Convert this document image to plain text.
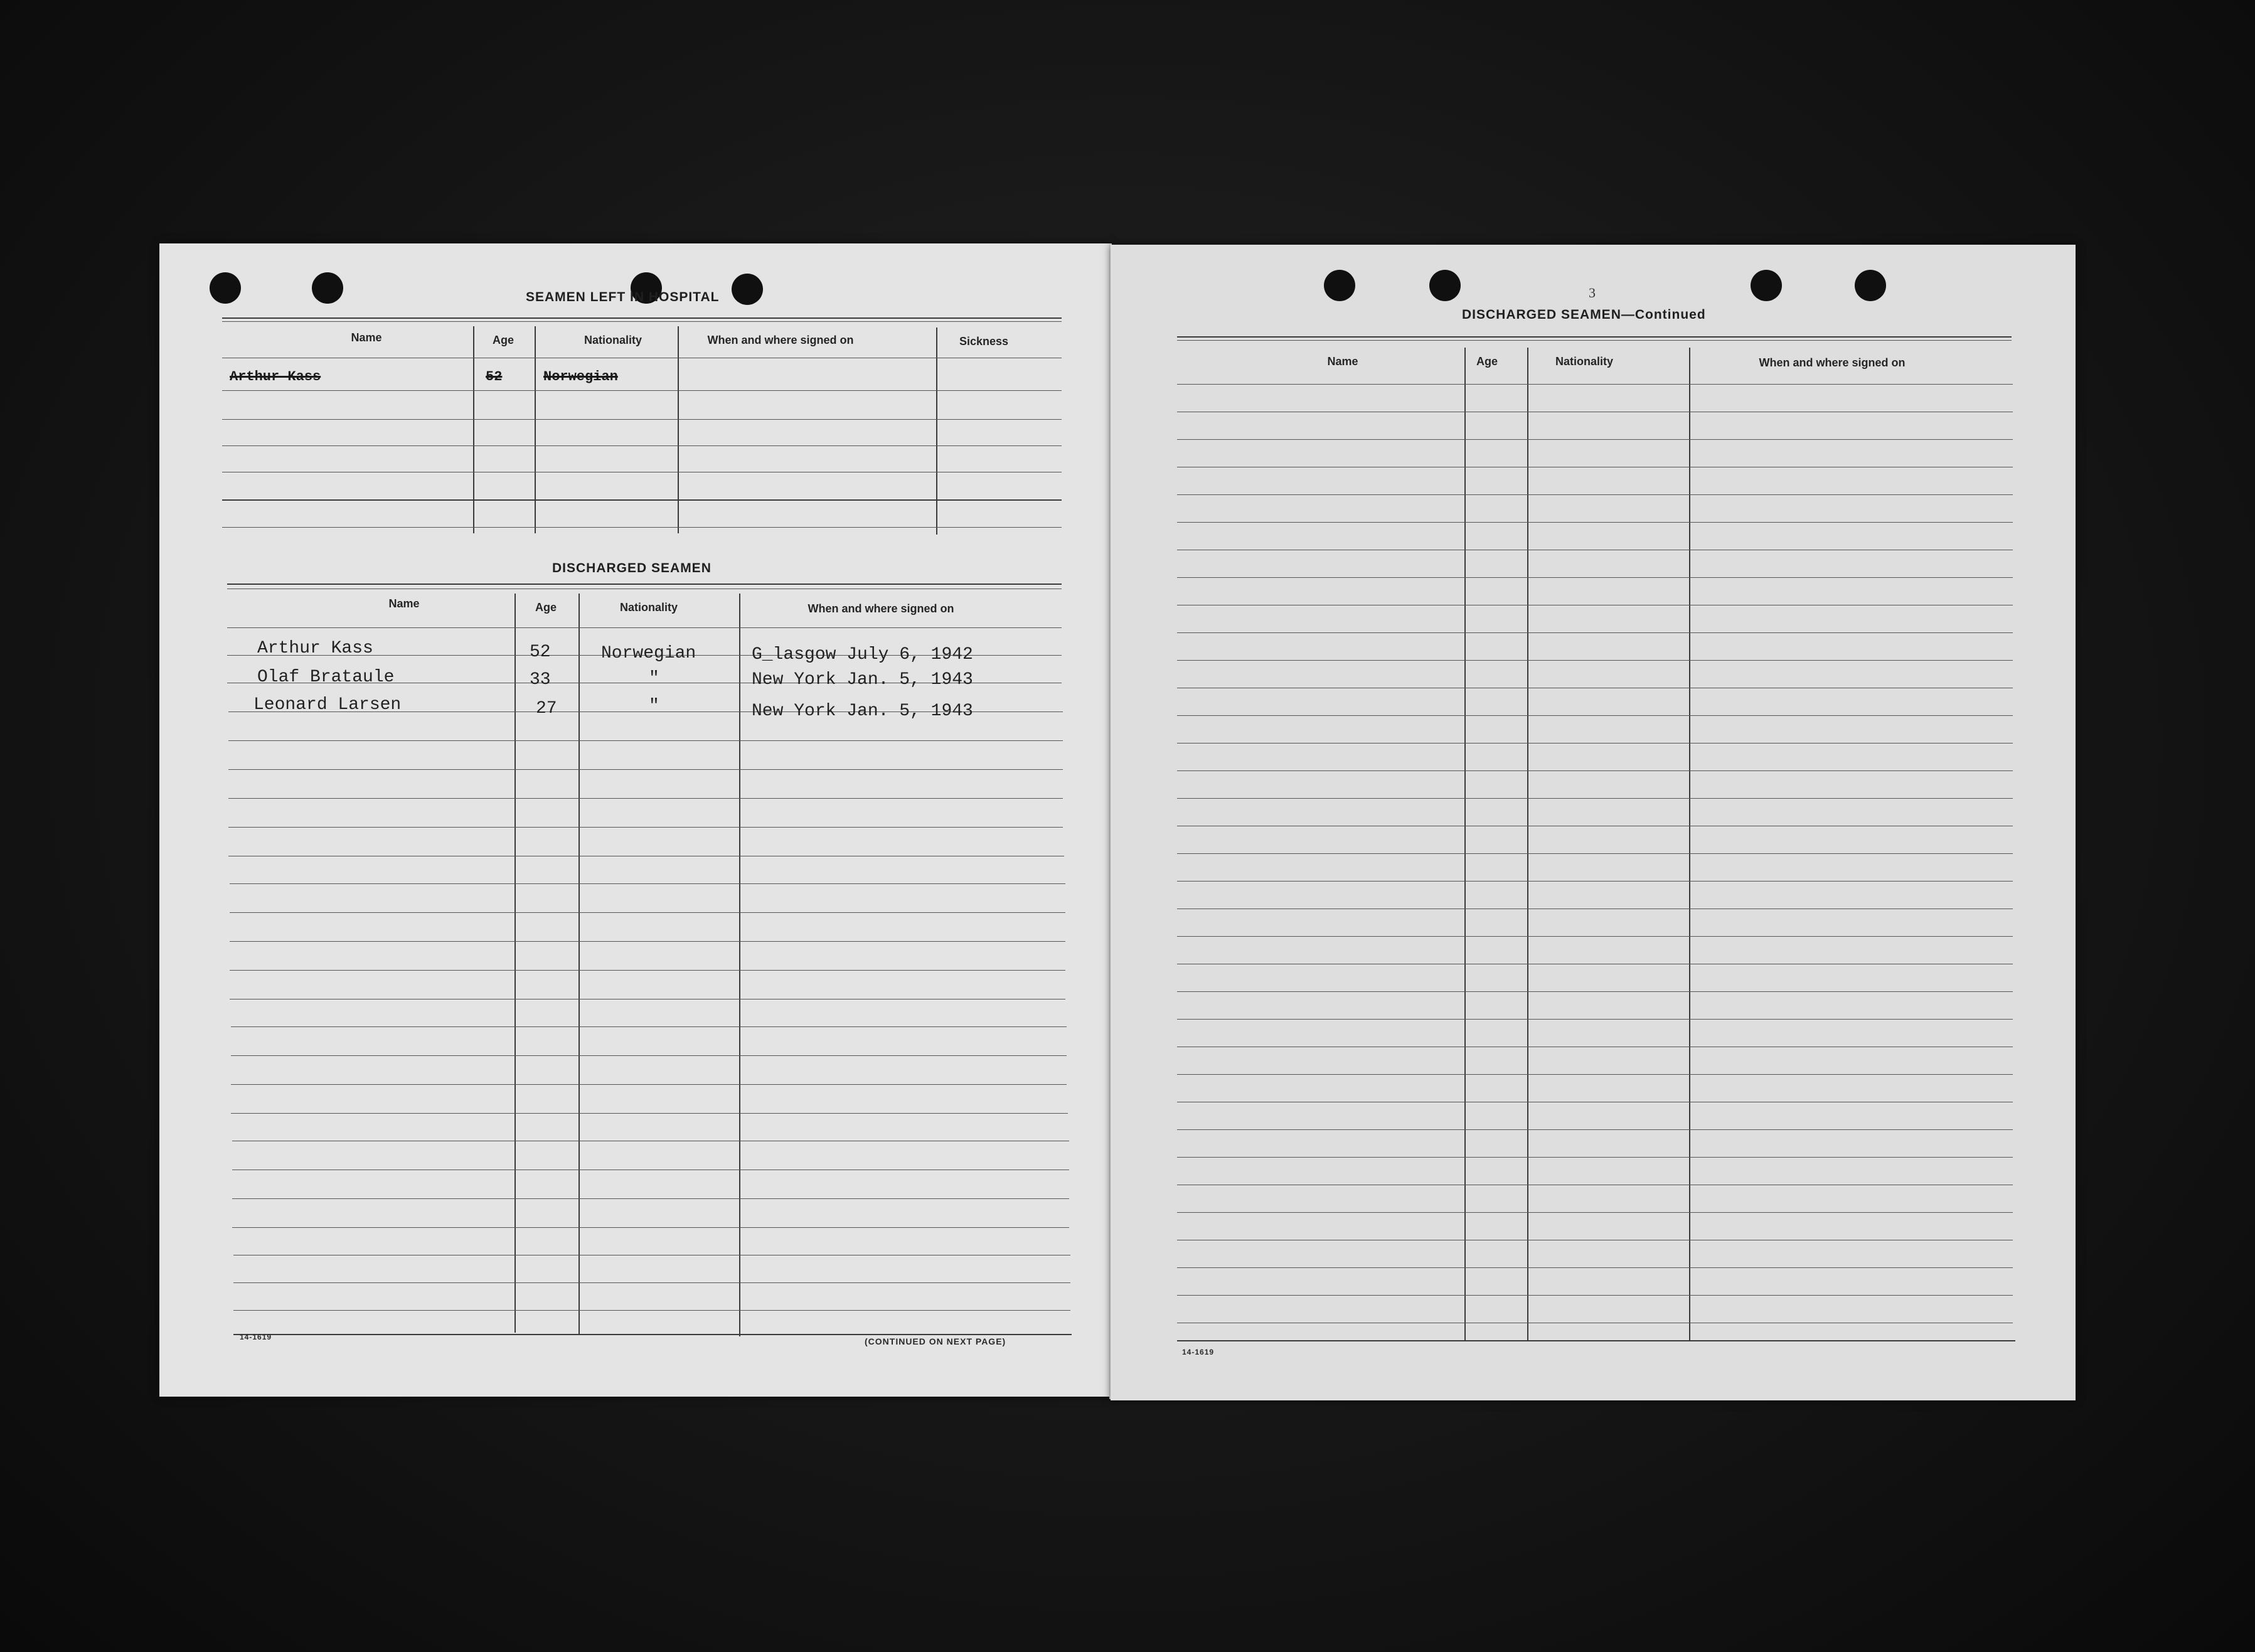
SEAMEN LEFT IN HOSPITAL
Name	Age	Nationality	When and where signed on	Sickness
Arthur Kass	52	Norwegian
DISCHARGED SEAMEN
Name	Age	Nationality	When and where signed on
Arthur Kass	52	Norwegian	G_lasgow July 6, 1942
Olaf Brataule	33	"	New York Jan. 5, 1943
Leonard Larsen	27	"	New York Jan. 5, 1943
14-1619	(CONTINUED ON NEXT PAGE)
3
DISCHARGED SEAMEN—Continued
Name	Age	Nationality	When and where signed on
14-1619
